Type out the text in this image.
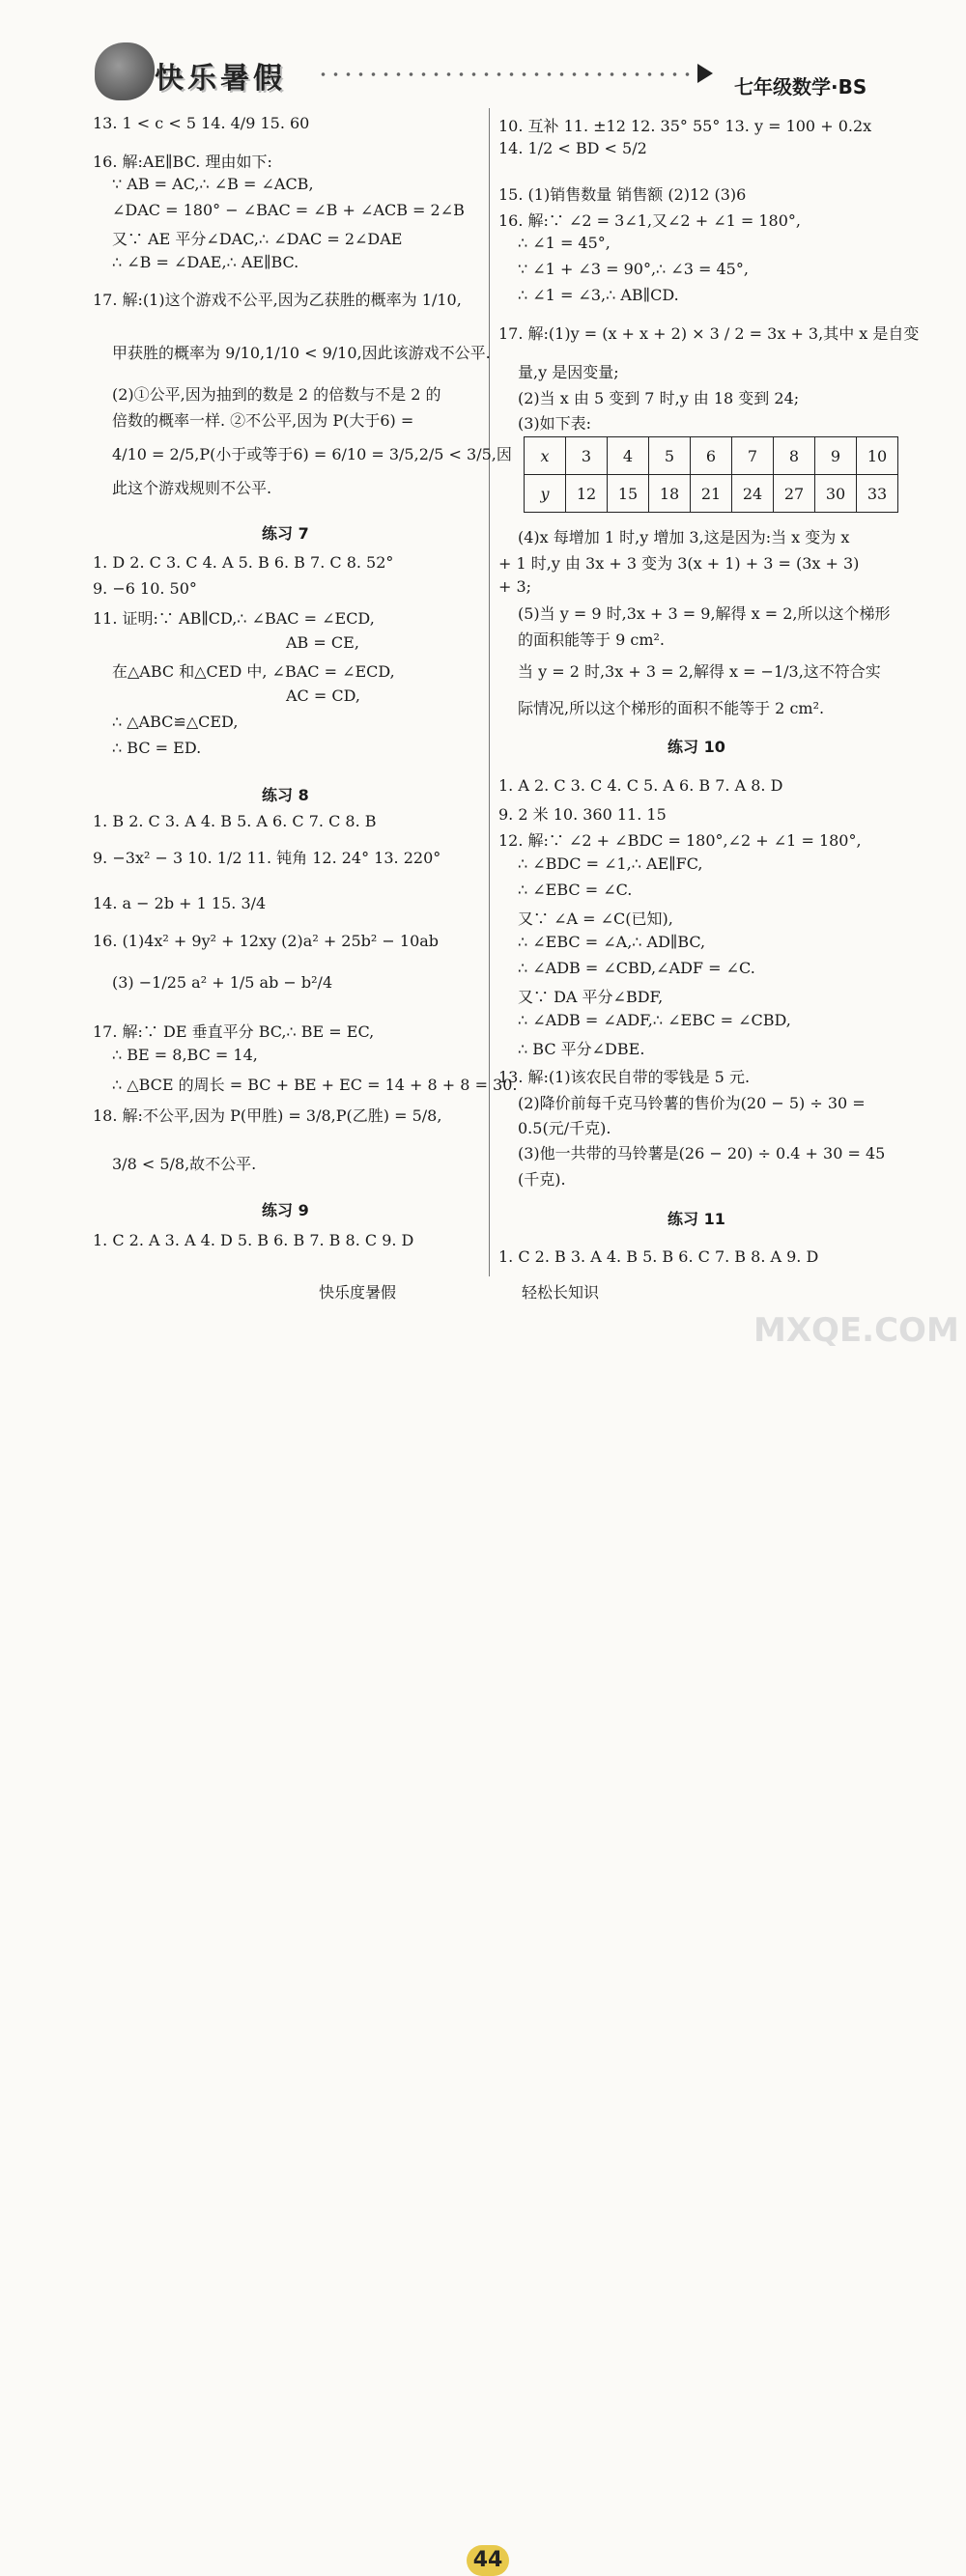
快乐暑假	七年级数学·BS
13. 1 < c < 5 14. 4/9 15. 60
16. 解:AE∥BC. 理由如下:
∵ AB = AC,∴ ∠B = ∠ACB,
∠DAC = 180° − ∠BAC = ∠B + ∠ACB = 2∠B
又∵ AE 平分∠DAC,∴ ∠DAC = 2∠DAE
∴ ∠B = ∠DAE,∴ AE∥BC.
17. 解:(1)这个游戏不公平,因为乙获胜的概率为 1/10,
甲获胜的概率为 9/10,1/10 < 9/10,因此该游戏不公平.
(2)①公平,因为抽到的数是 2 的倍数与不是 2 的
倍数的概率一样. ②不公平,因为 P(大于6) =
4/10 = 2/5,P(小于或等于6) = 6/10 = 3/5,2/5 < 3/5,因
此这个游戏规则不公平.
练习 7
1. D 2. C 3. C 4. A 5. B 6. B 7. C 8. 52°
9. −6 10. 50°
11. 证明:∵ AB∥CD,∴ ∠BAC = ∠ECD,
AB = CE,
在△ABC 和△CED 中, ∠BAC = ∠ECD,
AC = CD,
∴ △ABC≌△CED,
∴ BC = ED.
练习 8
1. B 2. C 3. A 4. B 5. A 6. C 7. C 8. B
9. −3x² − 3 10. 1/2 11. 钝角 12. 24° 13. 220°
14. a − 2b + 1 15. 3/4
16. (1)4x² + 9y² + 12xy (2)a² + 25b² − 10ab
(3) −1/25 a² + 1/5 ab − b²/4
17. 解:∵ DE 垂直平分 BC,∴ BE = EC,
∴ BE = 8,BC = 14,
∴ △BCE 的周长 = BC + BE + EC = 14 + 8 + 8 = 30.
18. 解:不公平,因为 P(甲胜) = 3/8,P(乙胜) = 5/8,
3/8 < 5/8,故不公平.
练习 9
1. C 2. A 3. A 4. D 5. B 6. B 7. B 8. C 9. D
10. 互补 11. ±12 12. 35° 55° 13. y = 100 + 0.2x
14. 1/2 < BD < 5/2
15. (1)销售数量 销售额 (2)12 (3)6
16. 解:∵ ∠2 = 3∠1,又∠2 + ∠1 = 180°,
∴ ∠1 = 45°,
∵ ∠1 + ∠3 = 90°,∴ ∠3 = 45°,
∴ ∠1 = ∠3,∴ AB∥CD.
17. 解:(1)y = (x + x + 2) × 3 / 2 = 3x + 3,其中 x 是自变
量,y 是因变量;
(2)当 x 由 5 变到 7 时,y 由 18 变到 24;
(3)如下表:
(4)x 每增加 1 时,y 增加 3,这是因为:当 x 变为 x
+ 1 时,y 由 3x + 3 变为 3(x + 1) + 3 = (3x + 3)
+ 3;
(5)当 y = 9 时,3x + 3 = 9,解得 x = 2,所以这个梯形
的面积能等于 9 cm².
当 y = 2 时,3x + 3 = 2,解得 x = −1/3,这不符合实
际情况,所以这个梯形的面积不能等于 2 cm².
练习 10
1. A 2. C 3. C 4. C 5. A 6. B 7. A 8. D
9. 2 米 10. 360 11. 15
12. 解:∵ ∠2 + ∠BDC = 180°,∠2 + ∠1 = 180°,
∴ ∠BDC = ∠1,∴ AE∥FC,
∴ ∠EBC = ∠C.
又∵ ∠A = ∠C(已知),
∴ ∠EBC = ∠A,∴ AD∥BC,
∴ ∠ADB = ∠CBD,∠ADF = ∠C.
又∵ DA 平分∠BDF,
∴ ∠ADB = ∠ADF,∴ ∠EBC = ∠CBD,
∴ BC 平分∠DBE.
13. 解:(1)该农民自带的零钱是 5 元.
(2)降价前每千克马铃薯的售价为(20 − 5) ÷ 30 =
0.5(元/千克).
(3)他一共带的马铃薯是(26 − 20) ÷ 0.4 + 30 = 45
(千克).
练习 11
1. C 2. B 3. A 4. B 5. B 6. C 7. B 8. A 9. D
x	3	4	5	6	7	8	9	10
y	12	15	18	21	24	27	30	33
快乐度暑假
44
轻松长知识
MXQE.COM
